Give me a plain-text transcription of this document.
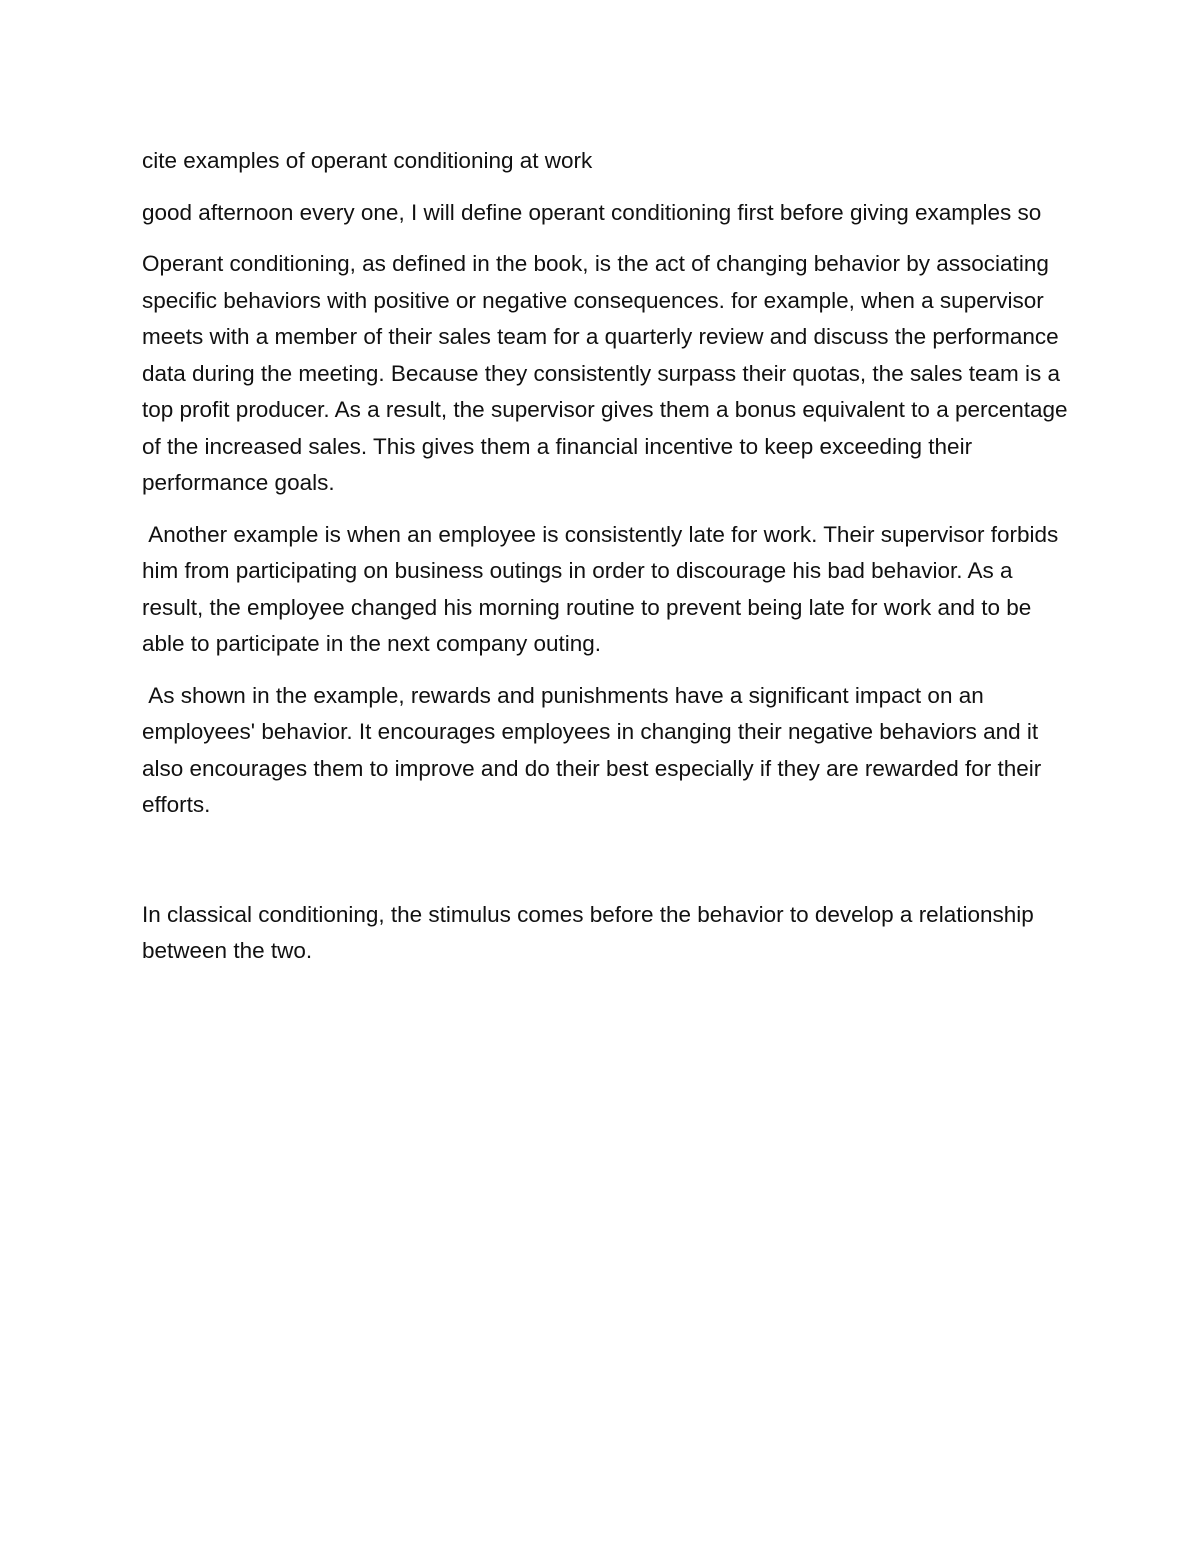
cite examples of operant conditioning at work

good afternoon every one, I will define operant conditioning first before giving examples so

Operant conditioning, as defined in the book, is the act of changing behavior by associating specific behaviors with positive or negative consequences. for example, when a supervisor meets with a member of their sales team for a quarterly review and discuss the performance data during the meeting. Because they consistently surpass their quotas, the sales team is a top profit producer. As a result, the supervisor gives them a bonus equivalent to a percentage of the increased sales. This gives them a financial incentive to keep exceeding their performance goals.

Another example is when an employee is consistently late for work. Their supervisor forbids him from participating on business outings in order to discourage his bad behavior. As a result, the employee changed his morning routine to prevent being late for work and to be able to participate in the next company outing.

As shown in the example, rewards and punishments have a significant impact on an employees' behavior. It encourages employees in changing their negative behaviors and it also encourages them to improve and do their best especially if they are rewarded for their efforts.

In classical conditioning, the stimulus comes before the behavior to develop a relationship between the two.
